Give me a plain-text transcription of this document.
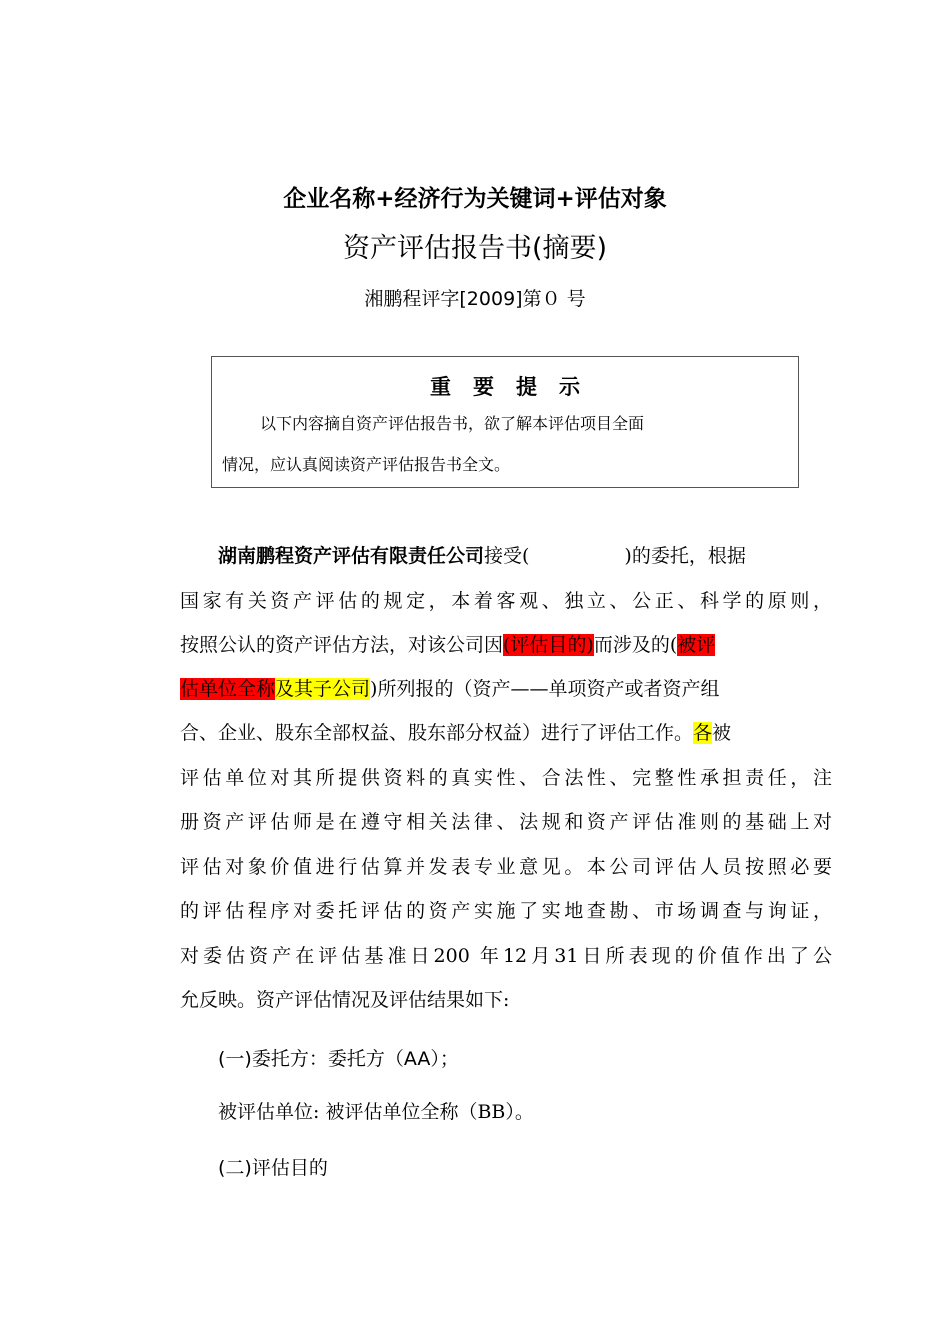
企业名称+经济行为关键词+评估对象
资产评估报告书(摘要)
湘鹏程评字[2009]第０ 号
重要提示
以下内容摘自资产评估报告书，欲了解本评估项目全面
情况，应认真阅读资产评估报告书全文。
湖南鹏程资产评估有限责任公司接受(　　　　　)的委托，根据
国家有关资产评估的规定，本着客观、独立、公正、科学的原则，
按照公认的资产评估方法，对该公司因(评估目的)而涉及的(被评
估单位全称及其子公司)所列报的（资产——单项资产或者资产组
合、企业、股东全部权益、股东部分权益）进行了评估工作。各被
评估单位对其所提供资料的真实性、合法性、完整性承担责任，注
册资产评估师是在遵守相关法律、法规和资产评估准则的基础上对
评估对象价值进行估算并发表专业意见。本公司评估人员按照必要
的评估程序对委托评估的资产实施了实地查勘、市场调查与询证，
对委估资产在评估基准日200 年12月31日所表现的价值作出了公
允反映。资产评估情况及评估结果如下:
(一)委托方：委托方（AA）；
被评估单位: 被评估单位全称（BB）。
(二)评估目的
